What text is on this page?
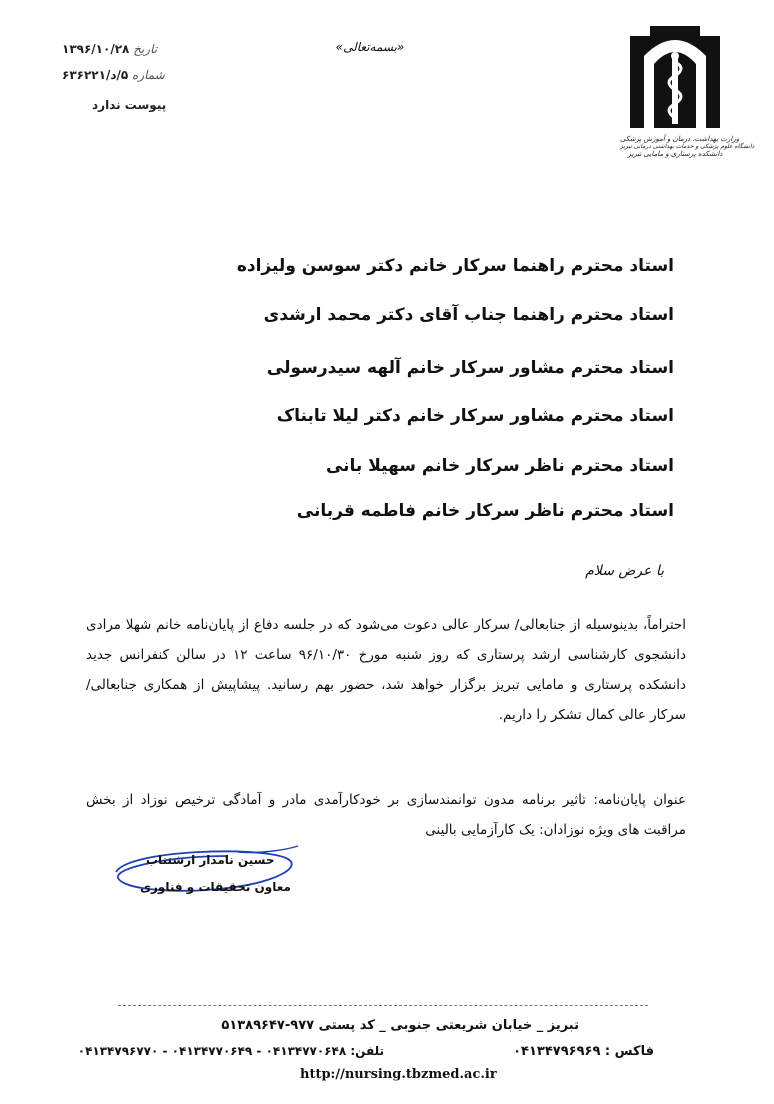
تاریخ ۱۳۹۶/۱۰/۲۸
شماره ۵/د/۶۳۶۲۲۱
پیوست ندارد
«بسمه‌تعالی»
وزارت بهداشت، درمان و آموزش پزشکی
دانشگاه علوم پزشکی و خدمات بهداشتی درمانی تبریز
دانشکده پرستاری و مامایی تبریز
استاد محترم راهنما سرکار خانم دکتر سوسن ولیزاده
استاد محترم راهنما جناب آقای دکتر محمد ارشدی
استاد محترم مشاور سرکار خانم آلهه سیدرسولی
استاد محترم مشاور سرکار خانم دکتر لیلا تابناک
استاد محترم ناظر سرکار خانم سهیلا بانی
استاد محترم ناظر سرکار خانم فاطمه قربانی
با عرض سلام
احتراماً، بدینوسیله از جنابعالی/ سرکار عالی دعوت می‌شود که در جلسه دفاع از پایان‌نامه خانم شهلا مرادی دانشجوی کارشناسی ارشد پرستاری که روز شنبه مورخ ۹۶/۱۰/۳۰ ساعت ۱۲ در سالن کنفرانس جدید دانشکده پرستاری و مامایی تبریز برگزار خواهد شد، حضور بهم رسانید. پیشاپیش از همکاری جنابعالی/ سرکار عالی کمال تشکر را داریم.
عنوان پایان‌نامه: تاثیر برنامه مدون توانمندسازی بر خودکارآمدی مادر و آمادگی ترخیص نوزاد از بخش مراقبت های ویژه نوزادان: یک کارآزمایی بالینی
حسین نامدار ارشتناب
معاون تحقیقات و فناوری
تبریز _ خیابان شریعتی جنوبی _ کد پستی ۹۷۷-۵۱۳۸۹۶۴۷
فاکس : ۰۴۱۳۴۷۹۶۹۶۹
تلفن: ۰۴۱۳۴۷۷۰۶۴۸ - ۰۴۱۳۴۷۷۰۶۴۹ - ۰۴۱۳۴۷۹۶۷۷۰
http://nursing.tbzmed.ac.ir
